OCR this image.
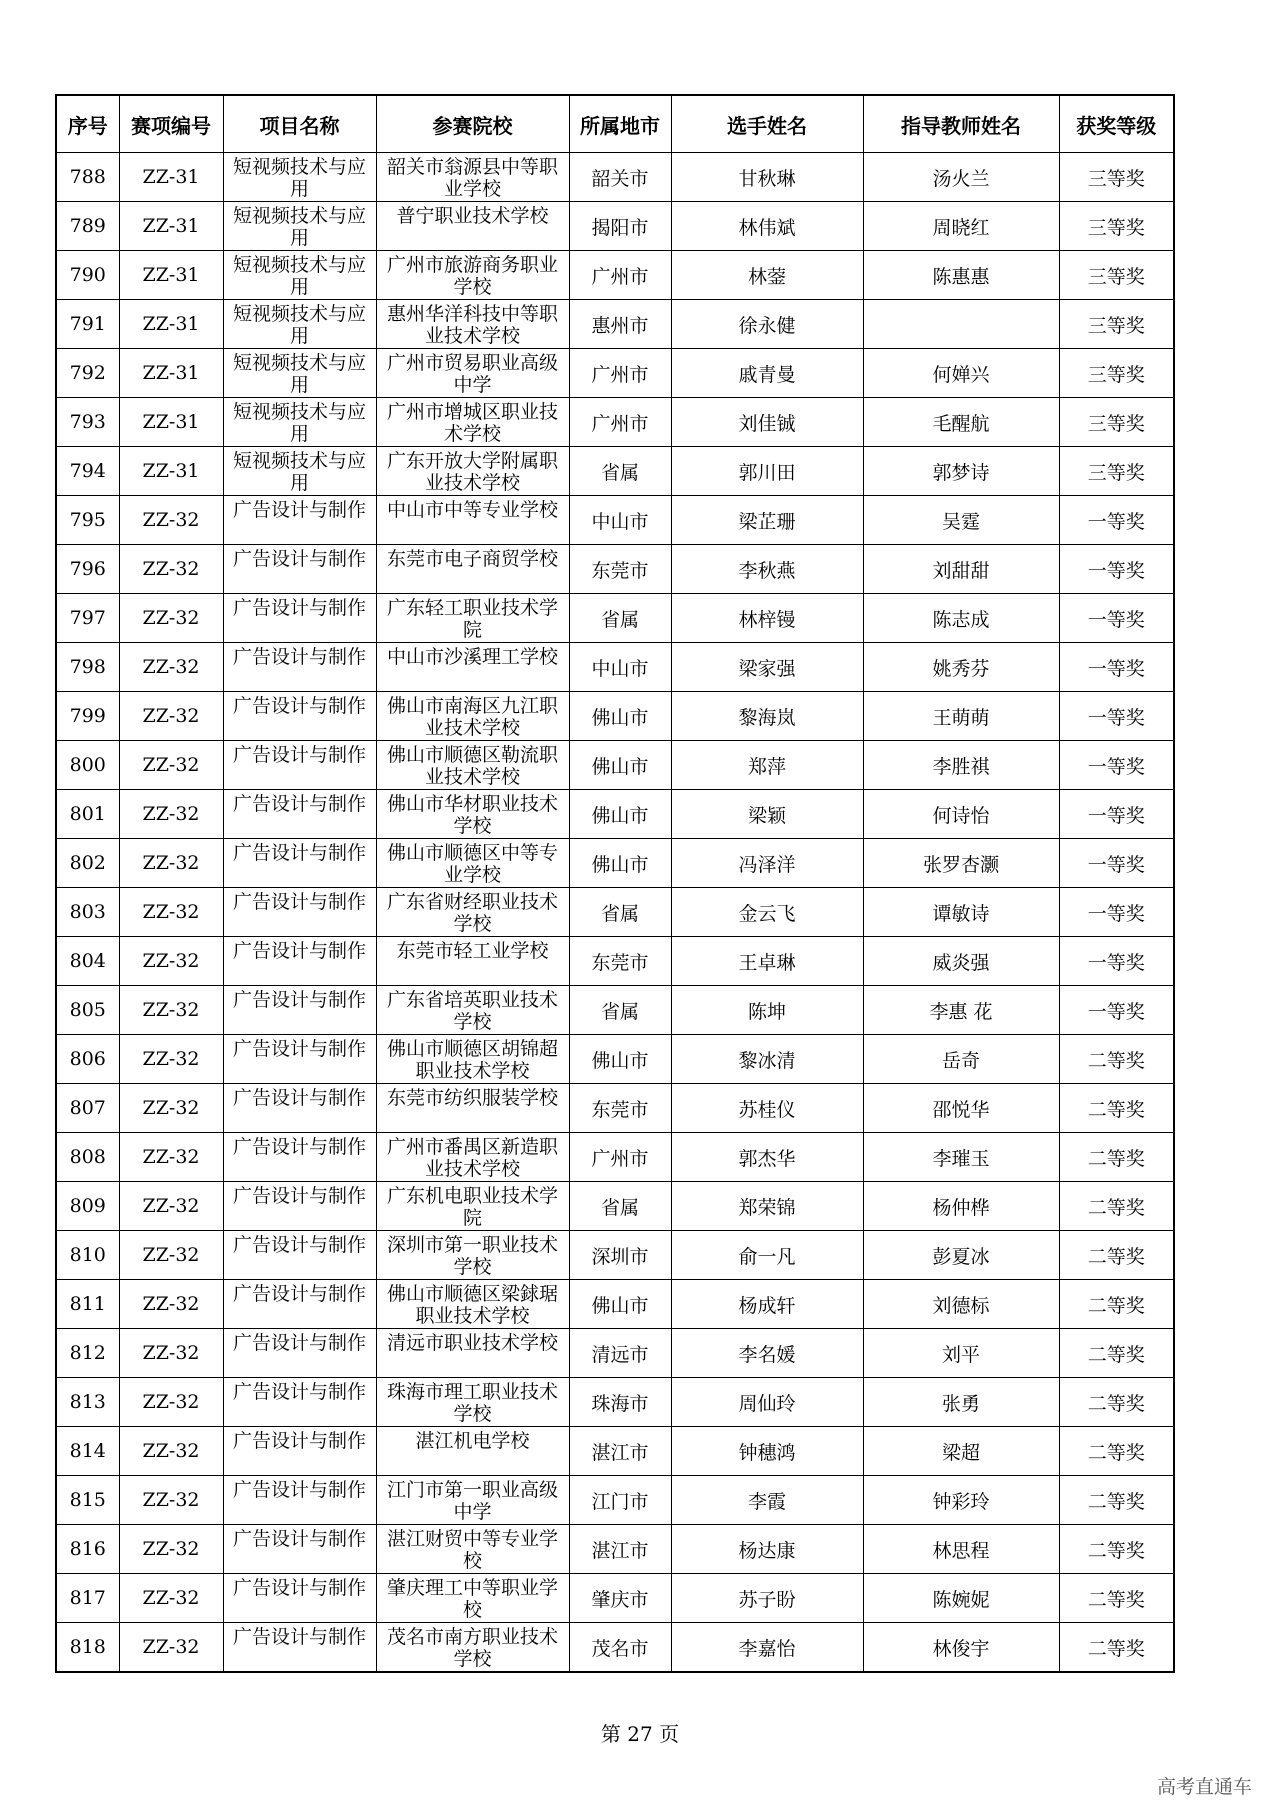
序号	赛项编号	项目名称	参赛院校	所属地市	选手姓名	指导教师姓名	获奖等级
788	ZZ-31	短视频技术与应用	韶关市翁源县中等职业学校	韶关市	甘秋琳	汤火兰	三等奖
789	ZZ-31	短视频技术与应用	普宁职业技术学校	揭阳市	林伟斌	周晓红	三等奖
790	ZZ-31	短视频技术与应用	广州市旅游商务职业学校	广州市	林蓥	陈惠惠	三等奖
791	ZZ-31	短视频技术与应用	惠州华洋科技中等职业技术学校	惠州市	徐永健		三等奖
792	ZZ-31	短视频技术与应用	广州市贸易职业高级中学	广州市	戚青曼	何婵兴	三等奖
793	ZZ-31	短视频技术与应用	广州市增城区职业技术学校	广州市	刘佳铖	毛醒航	三等奖
794	ZZ-31	短视频技术与应用	广东开放大学附属职业技术学校	省属	郭川田	郭梦诗	三等奖
795	ZZ-32	广告设计与制作	中山市中等专业学校	中山市	梁芷珊	吴霆	一等奖
796	ZZ-32	广告设计与制作	东莞市电子商贸学校	东莞市	李秋燕	刘甜甜	一等奖
797	ZZ-32	广告设计与制作	广东轻工职业技术学院	省属	林梓镘	陈志成	一等奖
798	ZZ-32	广告设计与制作	中山市沙溪理工学校	中山市	梁家强	姚秀芬	一等奖
799	ZZ-32	广告设计与制作	佛山市南海区九江职业技术学校	佛山市	黎海岚	王萌萌	一等奖
800	ZZ-32	广告设计与制作	佛山市顺德区勒流职业技术学校	佛山市	郑萍	李胜祺	一等奖
801	ZZ-32	广告设计与制作	佛山市华材职业技术学校	佛山市	梁颖	何诗怡	一等奖
802	ZZ-32	广告设计与制作	佛山市顺德区中等专业学校	佛山市	冯泽洋	张罗杏灏	一等奖
803	ZZ-32	广告设计与制作	广东省财经职业技术学校	省属	金云飞	谭敏诗	一等奖
804	ZZ-32	广告设计与制作	东莞市轻工业学校	东莞市	王卓琳	威炎强	一等奖
805	ZZ-32	广告设计与制作	广东省培英职业技术学校	省属	陈坤	李惠 花	一等奖
806	ZZ-32	广告设计与制作	佛山市顺德区胡锦超职业技术学校	佛山市	黎冰清	岳奇	二等奖
807	ZZ-32	广告设计与制作	东莞市纺织服装学校	东莞市	苏桂仪	邵悦华	二等奖
808	ZZ-32	广告设计与制作	广州市番禺区新造职业技术学校	广州市	郭杰华	李璀玉	二等奖
809	ZZ-32	广告设计与制作	广东机电职业技术学院	省属	郑荣锦	杨仲桦	二等奖
810	ZZ-32	广告设计与制作	深圳市第一职业技术学校	深圳市	俞一凡	彭夏冰	二等奖
811	ZZ-32	广告设计与制作	佛山市顺德区梁銶琚职业技术学校	佛山市	杨成轩	刘德标	二等奖
812	ZZ-32	广告设计与制作	清远市职业技术学校	清远市	李名媛	刘平	二等奖
813	ZZ-32	广告设计与制作	珠海市理工职业技术学校	珠海市	周仙玲	张勇	二等奖
814	ZZ-32	广告设计与制作	湛江机电学校	湛江市	钟穗鸿	梁超	二等奖
815	ZZ-32	广告设计与制作	江门市第一职业高级中学	江门市	李霞	钟彩玲	二等奖
816	ZZ-32	广告设计与制作	湛江财贸中等专业学校	湛江市	杨达康	林思程	二等奖
817	ZZ-32	广告设计与制作	肇庆理工中等职业学校	肇庆市	苏子盼	陈婉妮	二等奖
818	ZZ-32	广告设计与制作	茂名市南方职业技术学校	茂名市	李嘉怡	林俊宇	二等奖
第 27 页
高考直通车
